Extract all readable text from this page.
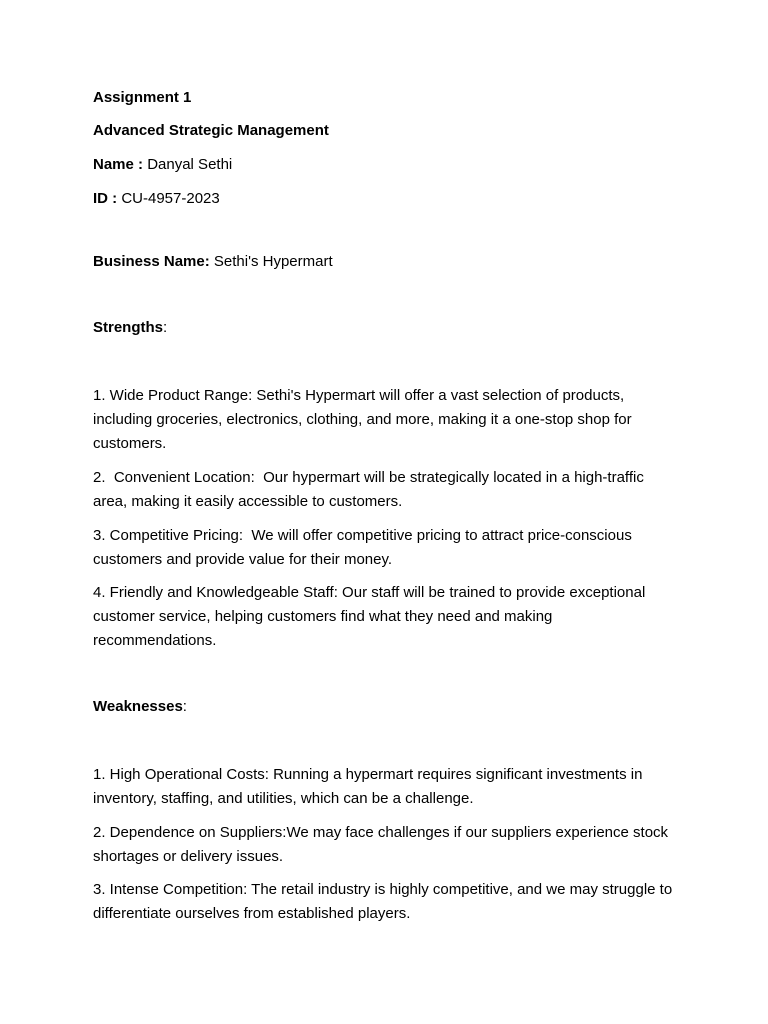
Assignment 1
Advanced Strategic Management
Name : Danyal Sethi
ID : CU-4957-2023
Business Name: Sethi's Hypermart
Strengths:
1. Wide Product Range: Sethi's Hypermart will offer a vast selection of products, including groceries, electronics, clothing, and more, making it a one-stop shop for customers.
2.  Convenient Location:  Our hypermart will be strategically located in a high-traffic area, making it easily accessible to customers.
3. Competitive Pricing:  We will offer competitive pricing to attract price-conscious customers and provide value for their money.
4. Friendly and Knowledgeable Staff: Our staff will be trained to provide exceptional customer service, helping customers find what they need and making recommendations.
Weaknesses:
1. High Operational Costs: Running a hypermart requires significant investments in inventory, staffing, and utilities, which can be a challenge.
2. Dependence on Suppliers:We may face challenges if our suppliers experience stock shortages or delivery issues.
3. Intense Competition: The retail industry is highly competitive, and we may struggle to differentiate ourselves from established players.
